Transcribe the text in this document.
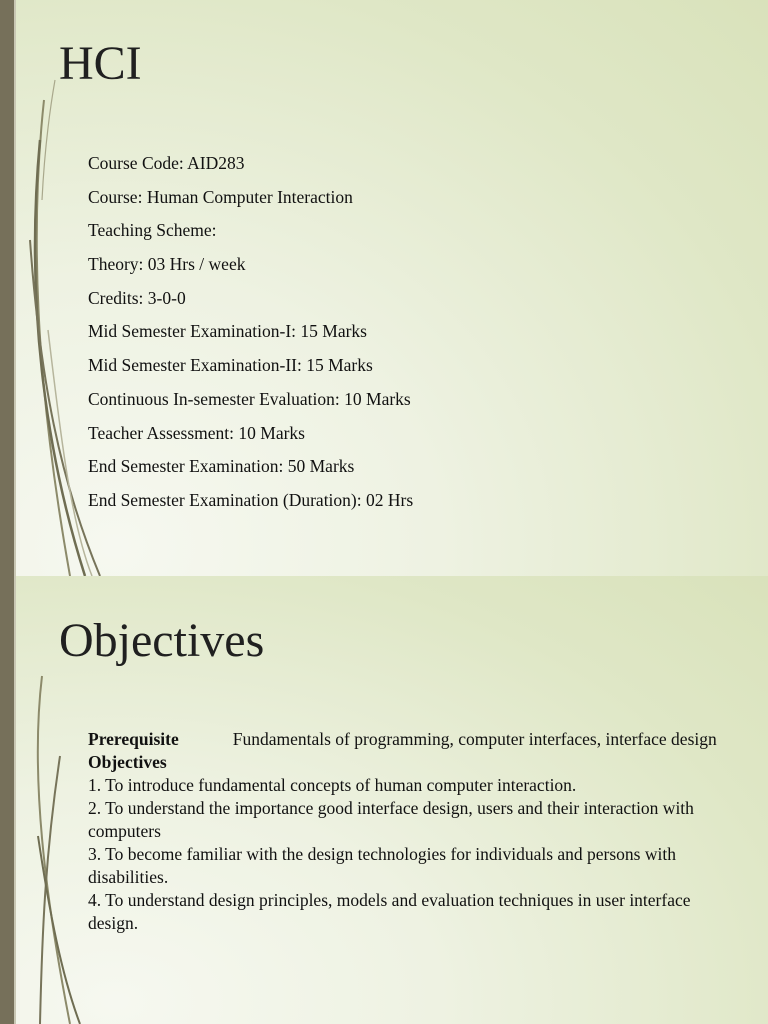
HCI
Course Code: AID283
Course: Human Computer Interaction
Teaching Scheme:
Theory: 03 Hrs / week
Credits: 3-0-0
Mid Semester Examination-I: 15 Marks
Mid Semester Examination-II: 15 Marks
Continuous In-semester Evaluation: 10 Marks
Teacher Assessment: 10 Marks
End Semester Examination: 50 Marks
End Semester Examination (Duration): 02 Hrs
Objectives
Prerequisite	Fundamentals of programming, computer interfaces, interface design
Objectives
1. To introduce fundamental concepts of human computer interaction.
2. To understand the importance good interface design, users and their interaction with computers
3. To become familiar with the design technologies for individuals and persons with disabilities.
4. To understand design principles, models and evaluation techniques in user interface design.
